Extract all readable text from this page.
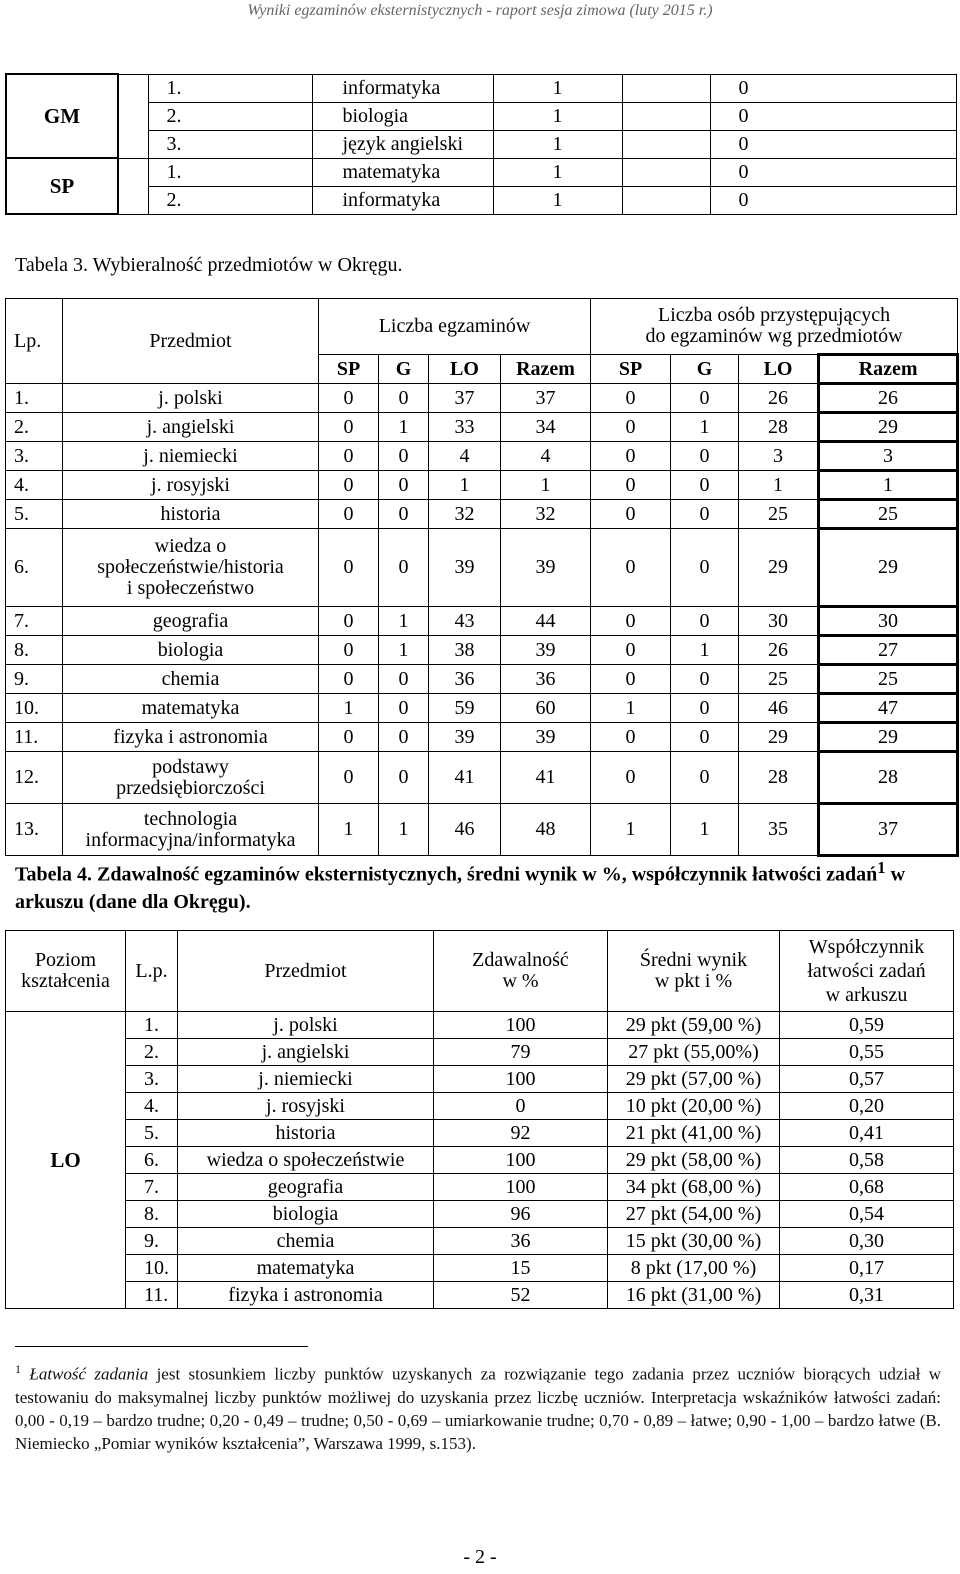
Wyniki egzaminów eksternistycznych - raport sesja zimowa (luty 2015 r.)
GM		1.	informatyka	1		0
		2.	biologia	1		0
		3.	język angielski	1		0
SP		1.	matematyka	1		0
		2.	informatyka	1		0
Tabela 3. Wybieralność przedmiotów w Okręgu.
Lp.	Przedmiot	Liczba egzaminów				Liczba osób przystępujących
do egzaminów wg przedmiotów			

		SP	G	LO	Razem	SP	G	LO	Razem
1.	j. polski	0	0	37	37	0	0	26	26
2.	j. angielski	0	1	33	34	0	1	28	29
3.	j. niemiecki	0	0	4	4	0	0	3	3
4.	j. rosyjski	0	0	1	1	0	0	1	1
5.	historia	0	0	32	32	0	0	25	25
6.	wiedza o
społeczeństwie/historia
i społeczeństwo	0	0	39	39	0	0	29	29
7.	geografia	0	1	43	44	0	0	30	30
8.	biologia	0	1	38	39	0	1	26	27
9.	chemia	0	0	36	36	0	0	25	25
10.	matematyka	1	0	59	60	1	0	46	47
11.	fizyka i astronomia	0	0	39	39	0	0	29	29
12.	podstawy
przedsiębiorczości	0	0	41	41	0	0	28	28
13.	technologia
informacyjna/informatyka	1	1	46	48	1	1	35	37
Tabela 4. Zdawalność egzaminów eksternistycznych, średni wynik w %, współczynnik łatwości zadań$^1$ w arkuszu (dane dla Okręgu).
Poziom
kształcenia	L.p.	Przedmiot	Zdawalność
w %	Średni wynik
w pkt i %	Współczynnik
łatwości zadań
w arkuszu
LO	1.	j. polski	100	29 pkt (59,00 %)	0,59
	2.	j. angielski	79	27 pkt (55,00%)	0,55
	3.	j. niemiecki	100	29 pkt (57,00 %)	0,57
	4.	j. rosyjski	0	10 pkt (20,00 %)	0,20
	5.	historia	92	21 pkt (41,00 %)	0,41
	6.	wiedza o społeczeństwie	100	29 pkt (58,00 %)	0,58
	7.	geografia	100	34 pkt (68,00 %)	0,68
	8.	biologia	96	27 pkt (54,00 %)	0,54
	9.	chemia	36	15 pkt (30,00 %)	0,30
	10.	matematyka	15	8 pkt (17,00 %)	0,17
	11.	fizyka i astronomia	52	16 pkt (31,00 %)	0,31
$^1$ Łatwość zadania jest stosunkiem liczby punktów uzyskanych za rozwiązanie tego zadania przez uczniów biorących udział w testowaniu do maksymalnej liczby punktów możliwej do uzyskania przez liczbę uczniów. Interpretacja wskaźników łatwości zadań: 0,00 - 0,19 – bardzo trudne; 0,20 - 0,49 – trudne; 0,50 - 0,69 – umiarkowanie trudne; 0,70 - 0,89 – łatwe; 0,90 - 1,00 – bardzo łatwe (B. Niemiecko „Pomiar wyników kształcenia”, Warszawa 1999, s.153).
- 2 -
